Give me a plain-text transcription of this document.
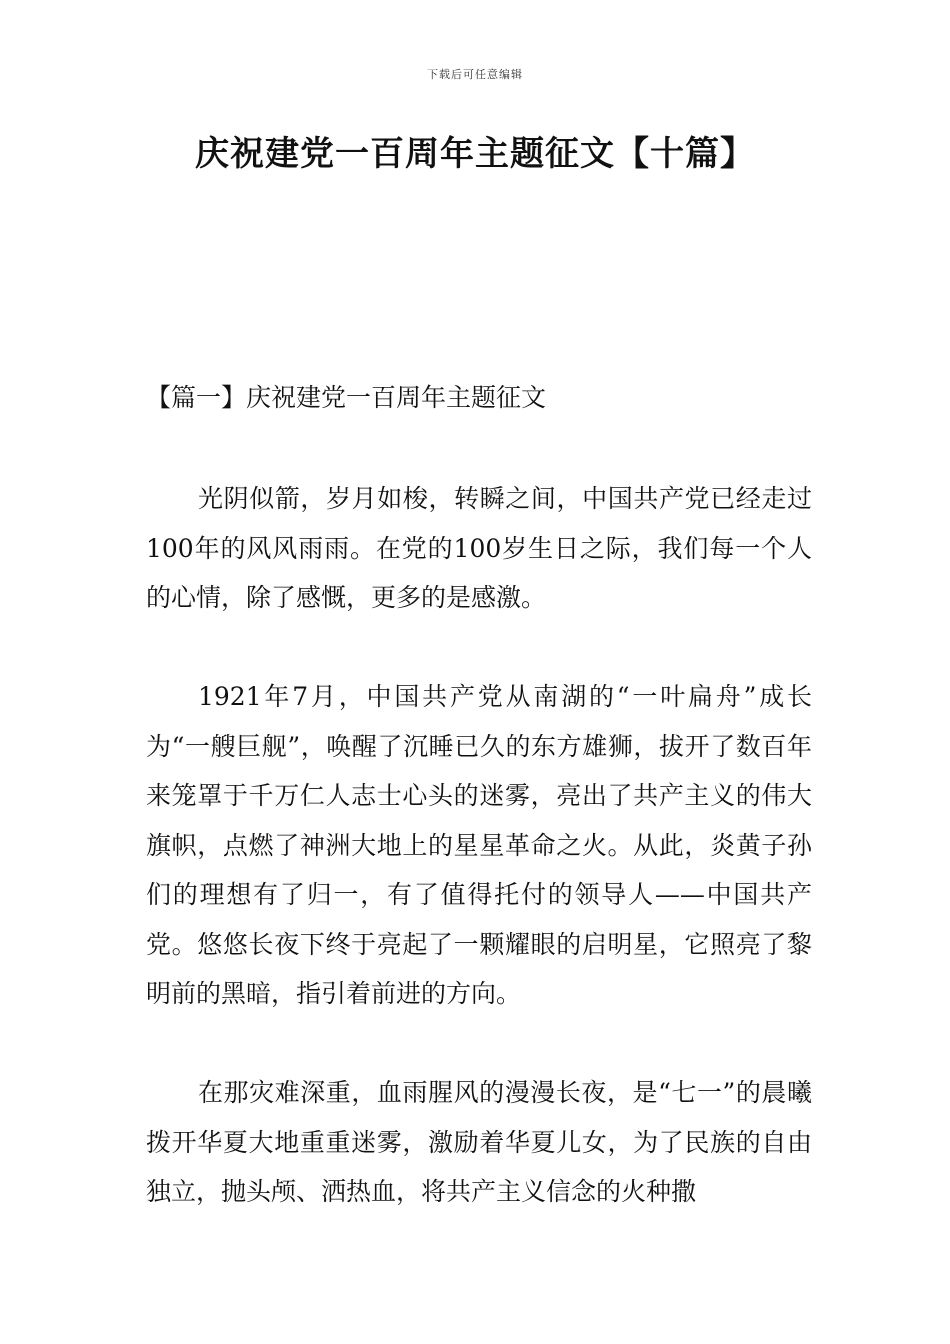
下载后可任意编辑
庆祝建党一百周年主题征文【十篇】
【篇一】庆祝建党一百周年主题征文

光阴似箭，岁月如梭，转瞬之间，中国共产党已经走过100年的风风雨雨。在党的100岁生日之际，我们每一个人的心情，除了感慨，更多的是感激。

1921年7月，中国共产党从南湖的“一叶扁舟”成长为“一艘巨舰”，唤醒了沉睡已久的东方雄狮，拔开了数百年来笼罩于千万仁人志士心头的迷雾，亮出了共产主义的伟大旗帜，点燃了神洲大地上的星星革命之火。从此，炎黄子孙们的理想有了归一，有了值得托付的领导人——中国共产党。悠悠长夜下终于亮起了一颗耀眼的启明星，它照亮了黎明前的黑暗，指引着前进的方向。

在那灾难深重，血雨腥风的漫漫长夜，是“七一”的晨曦拨开华夏大地重重迷雾，激励着华夏儿女，为了民族的自由独立，抛头颅、洒热血，将共产主义信念的火种撒
